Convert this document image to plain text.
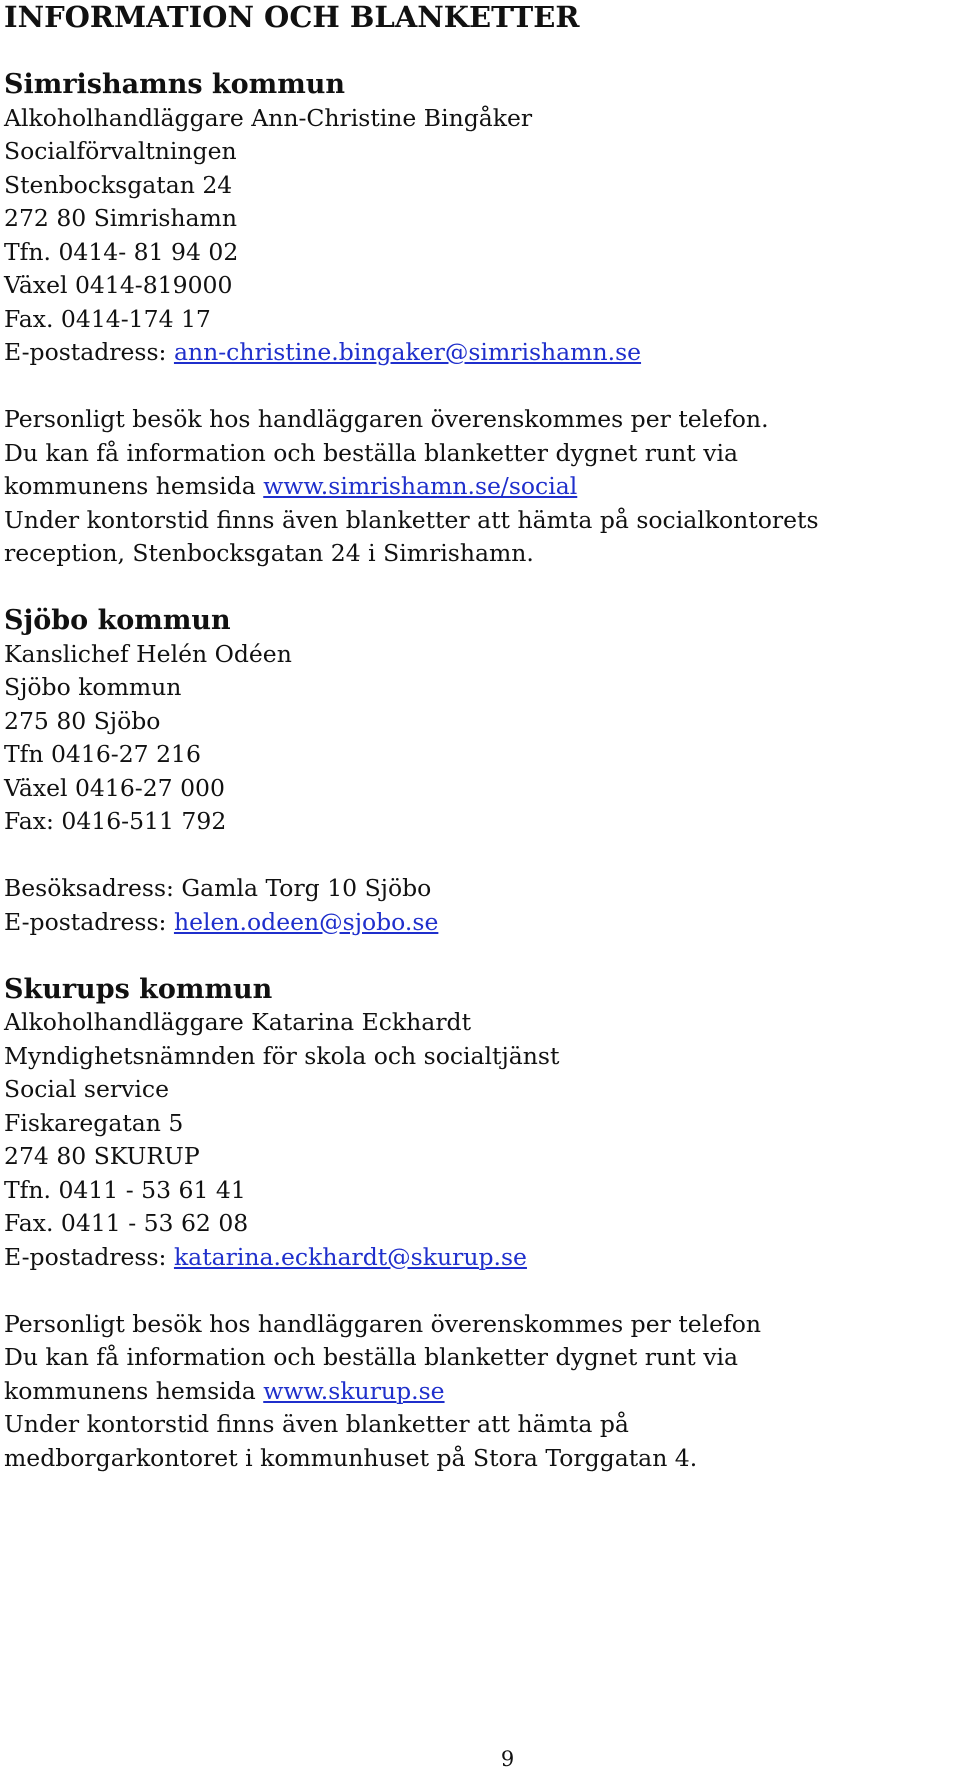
INFORMATION OCH BLANKETTER
Simrishamns kommun

Alkoholhandläggare Ann-Christine Bingåker

Socialförvaltningen

Stenbocksgatan 24

272 80 Simrishamn

Tfn. 0414- 81 94 02

Växel 0414-819000

Fax. 0414-174 17

E-postadress: ann-christine.bingaker@simrishamn.se

Personligt besök hos handläggaren överenskommes per telefon.

Du kan få information och beställa blanketter dygnet runt via

kommunens hemsida www.simrishamn.se/social

Under kontorstid finns även blanketter att hämta på socialkontorets

reception, Stenbocksgatan 24 i Simrishamn.

Sjöbo kommun

Kanslichef Helén Odéen

Sjöbo kommun

275 80 Sjöbo

Tfn 0416-27 216

Växel 0416-27 000

Fax: 0416-511 792

Besöksadress: Gamla Torg 10 Sjöbo

E-postadress: helen.odeen@sjobo.se

Skurups kommun

Alkoholhandläggare Katarina Eckhardt

Myndighetsnämnden för skola och socialtjänst

Social service

Fiskaregatan 5

274 80 SKURUP

Tfn. 0411 - 53 61 41

Fax. 0411 - 53 62 08

E-postadress: katarina.eckhardt@skurup.se

Personligt besök hos handläggaren överenskommes per telefon

Du kan få information och beställa blanketter dygnet runt via

kommunens hemsida www.skurup.se

Under kontorstid finns även blanketter att hämta på

medborgarkontoret i kommunhuset på Stora Torggatan 4.

9
